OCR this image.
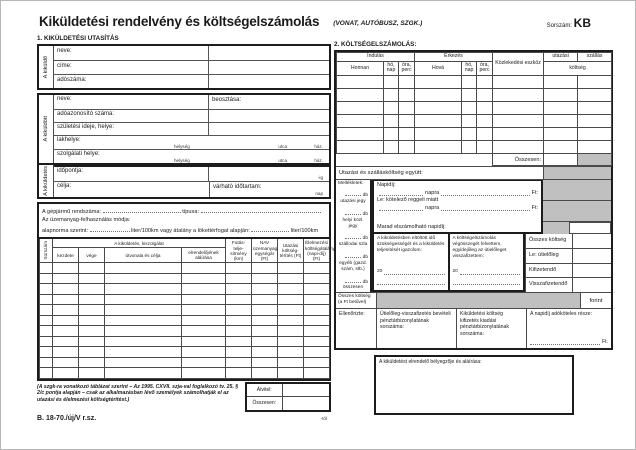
Kiküldetési rendelvény és költségelszámolás (VONAT, AUTÓBUSZ, SZGK.)	Sorszám: KB
1. KIKÜLDETÉSI UTASÍTÁS
A kiküldő
neve:
címe:
adószáma:
A kiküldött
neve:	beosztása:
adóazonosító száma:
születési ideje, helye:
lakhelye:
helység	utca	ház.
szolgálati helye:
helység	utca	ház.
A kiküldetés	időpontja:
-tól
-ig
célja:	várható időtartam:
nap
A gépjármű rendszáma:	típusa:
Az üzemanyag-felhasználás módja:
alapnorma szerint:	liter/100km vagy átalány a lökettérfogat alapján:	liter/100km
Sorszám	A kiküldetés, kiszolgálat				Futás-telje-sítmény (km)	NAV üzemanyag egységár (Ft)	Utazási költség-térítés (Ft)	Élelmezési költségátalány (napi-díj) (Ft)
	kezdete	vége	útvonala és célja	elrendelőjének aláírása				

(A szgk-ra vonatkozó táblázat szerint – Az 1995. CXVII. szja-val foglalkozó tv. 25. § 2/c pontja alapján – csak az alkalmazásban lévő személyek számolhatják el az utazási és élelmezési költségtérítést.)
Átvitel:	
Összesen:	
B. 18-70./új/V r.sz.
2. KÖLTSÉGELSZÁMOLÁS:
Indulás			Érkezés			Közlekedési eszköz	utazási	szállás
Honnan	hó, nap	óra, perc	Hová	hó, nap	óra, perc		költség	

						Összesen:		
Utazási és szállásköltség együtt:
Mellékletek:
db
utazási jegy
db
helyi közl. jegy
db
szállodai szla
db
egyéb (gazd. szám, stb.)
db
összesen
Napidíj:
napra	Ft:
Le: kötelező reggeli miatt
napra	Ft:
Marad elszámolható napidíj:
A kiküldetésben eltöltött idő szükségességét és a kiküldetés teljesítését igazolom:
20
A költségelszámolás végösszegét felvettem, egyidejűleg az útielőleget visszafizettem:
20
Összes költség
Le: útielőleg
Kifizetendő
Visszafizetendő
Összes költség (a Ft betűvel)	forint
Ellenőrizte:	Útielőleg-visszafizetés bevételi pénztárbizonylatának sorszáma:
Kiküldetési költség kifizetés kiadási pénztárbizonylatának sorszáma:
A napidíj adóköteles része:
Ft.
A kiküldetést elrendelő bélyegzője és aláírása:
